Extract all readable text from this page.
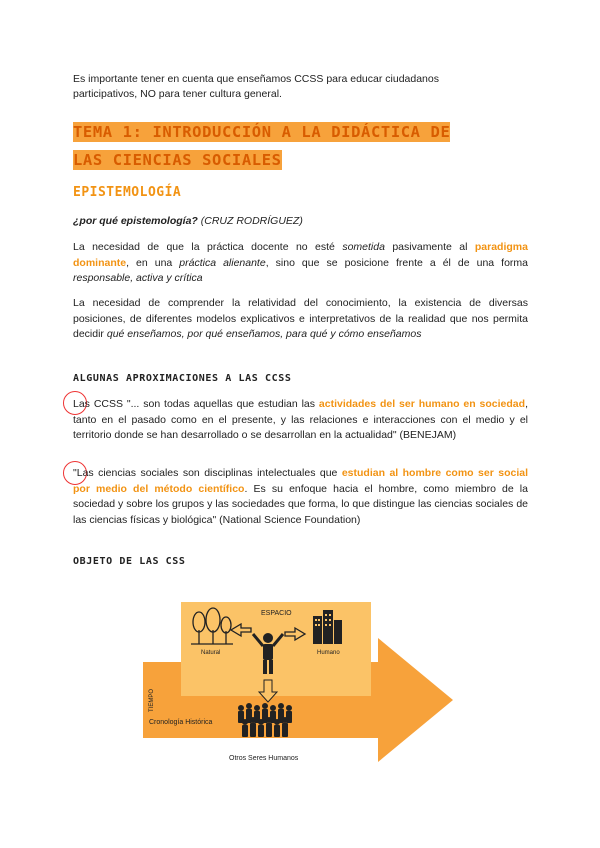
Es importante tener en cuenta que enseñamos CCSS para educar ciudadanos
participativos, NO para tener cultura general.
TEMA 1: INTRODUCCIÓN A LA DIDÁCTICA DE
LAS CIENCIAS SOCIALES
EPISTEMOLOGÍA
¿por qué epistemología? (CRUZ RODRÍGUEZ)
La necesidad de que la práctica docente no esté sometida pasivamente al paradigma dominante, en una práctica alienante, sino que se posicione frente a él de una forma responsable, activa y crítica
La necesidad de comprender la relatividad del conocimiento, la existencia de diversas posiciones, de diferentes modelos explicativos e interpretativos de la realidad que nos permita decidir qué enseñamos, por qué enseñamos, para qué y cómo enseñamos
ALGUNAS APROXIMACIONES A LAS CCSS
Las CCSS "... son todas aquellas que estudian las actividades del ser humano en sociedad, tanto en el pasado como en el presente, y las relaciones e interacciones con el medio y el territorio donde se han desarrollado o se desarrollan en la actualidad" (BENEJAM)
"Las ciencias sociales son disciplinas intelectuales que estudian al hombre como ser social por medio del método científico. Es su enfoque hacia el hombre, como miembro de la sociedad y sobre los grupos y las sociedades que forma, lo que distingue las ciencias sociales de las ciencias físicas y biológica" (National Science Foundation)
OBJETO DE LAS CSS
ESPACIO
Natural	Humano
TIEMPO
Cronología Histórica
Otros Seres Humanos
